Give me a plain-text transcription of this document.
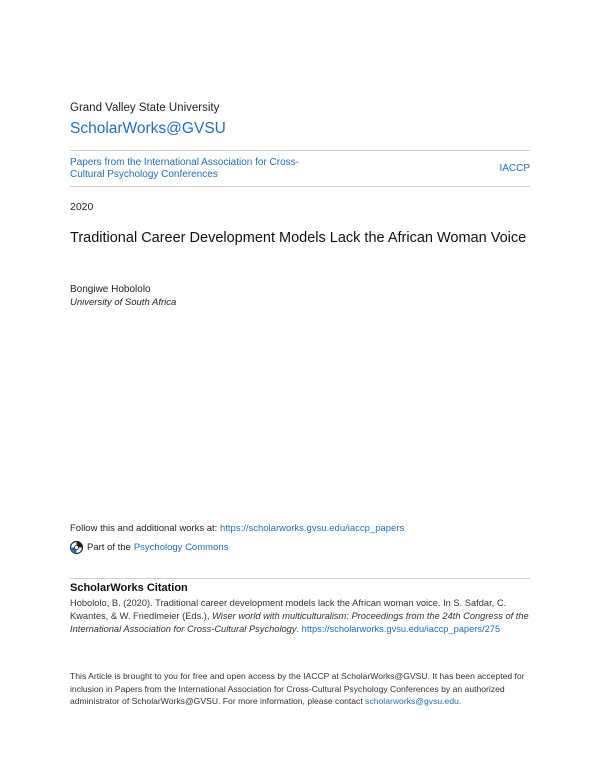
Grand Valley State University
ScholarWorks@GVSU
Papers from the International Association for Cross-Cultural Psychology Conferences
IACCP
2020
Traditional Career Development Models Lack the African Woman Voice
Bongiwe Hobololo
University of South Africa
Follow this and additional works at: https://scholarworks.gvsu.edu/iaccp_papers
Part of the Psychology Commons
ScholarWorks Citation
Hobololo, B. (2020). Traditional career development models lack the African woman voice. In S. Safdar, C. Kwantes, & W. Friedlmeier (Eds.), Wiser world with multiculturalism: Proceedings from the 24th Congress of the International Association for Cross-Cultural Psychology. https://scholarworks.gvsu.edu/iaccp_papers/275
This Article is brought to you for free and open access by the IACCP at ScholarWorks@GVSU. It has been accepted for inclusion in Papers from the International Association for Cross-Cultural Psychology Conferences by an authorized administrator of ScholarWorks@GVSU. For more information, please contact scholarworks@gvsu.edu.
